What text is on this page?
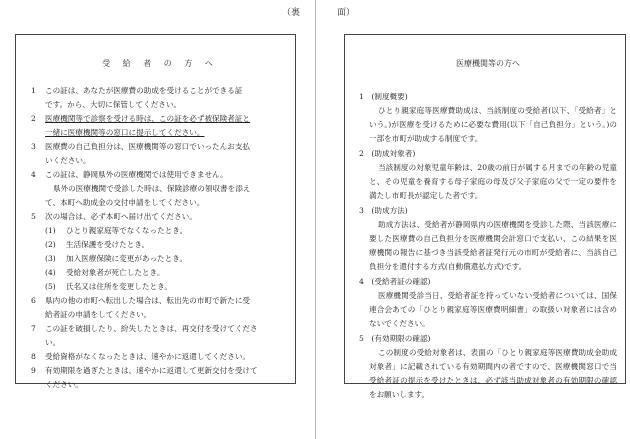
（裏	面）
受 給 者 の 方 へ
1 この証は、あなたが医療費の助成を受けることができる証
です。から、大切に保管してください。
2 医療機関等で診察を受ける時は、この証を必ず被保険者証と
一緒に医療機関等の窓口に提示してください。
3 医療費の自己負担分は、医療機関等の窓口でいったんお支払
いください。
4 この証は、静岡県外の医療機関では使用できません。
県外の医療機関で受診した時は、保険診療の領収書を添え
て、本町へ助成金の交付申請をしてください。
5 次の場合は、必ず本町へ届け出てください。
(1) ひとり親家庭等でなくなったとき。
(2) 生活保護を受けたとき。
(3) 加入医療保険に変更があったとき。
(4) 受給対象者が死亡したとき。
(5) 氏名又は住所を変更したとき。
6 県内の他の市町へ転出した場合は、転出先の市町で新たに受
給者証の申請をしてください。
7 この証を破損したり、紛失したときは、再交付を受けてくださ
い。
8 受給資格がなくなったときは、速やかに返還してください。
9 有効期限を過ぎたときは、速やかに返還して更新交付を受けて
ください。
医療機関等の方へ
1　(制度概要)
ひとり親家庭等医療費助成は、当該制度の受給者(以下、「受給者」という。)が医療を受けるために必要な費用(以下「自己負担分」という。)の一部を市町が助成する制度です。
2　(助成対象者)
当該制度の対象児童年齢は、20歳の前日が属する月までの年齢の児童と、その児童を養育する母子家庭の母及び父子家庭の父で一定の要件を満たし市町長が認定した者です。
3　(助成方法)
助成方法は、受給者が静岡県内の医療機関を受診した際、当該医療に要した医療費の自己負担分を医療機関会計窓口で支払い、この結果を医療機関の報告に基づき当該受給者証発行元の市町が受給者に、当該自己負担分を還付する方式(自動償還払方式)です。
4　(受給者証の確認)
医療機関受診当日、受給者証を持っていない受給者については、国保連合会あての「ひとり親家庭等医療費明細書」の取扱い対象者には含めないでください。
5　(有効期限の確認)
この制度の受給対象者は、表面の「ひとり親家庭等医療費助成金助成対象者」に記載されている有効期間内の者ですので、医療機関窓口で当受給者証の提示を受けたときは、必ず該当助成対象者の有効期限の確認をお願いします。
